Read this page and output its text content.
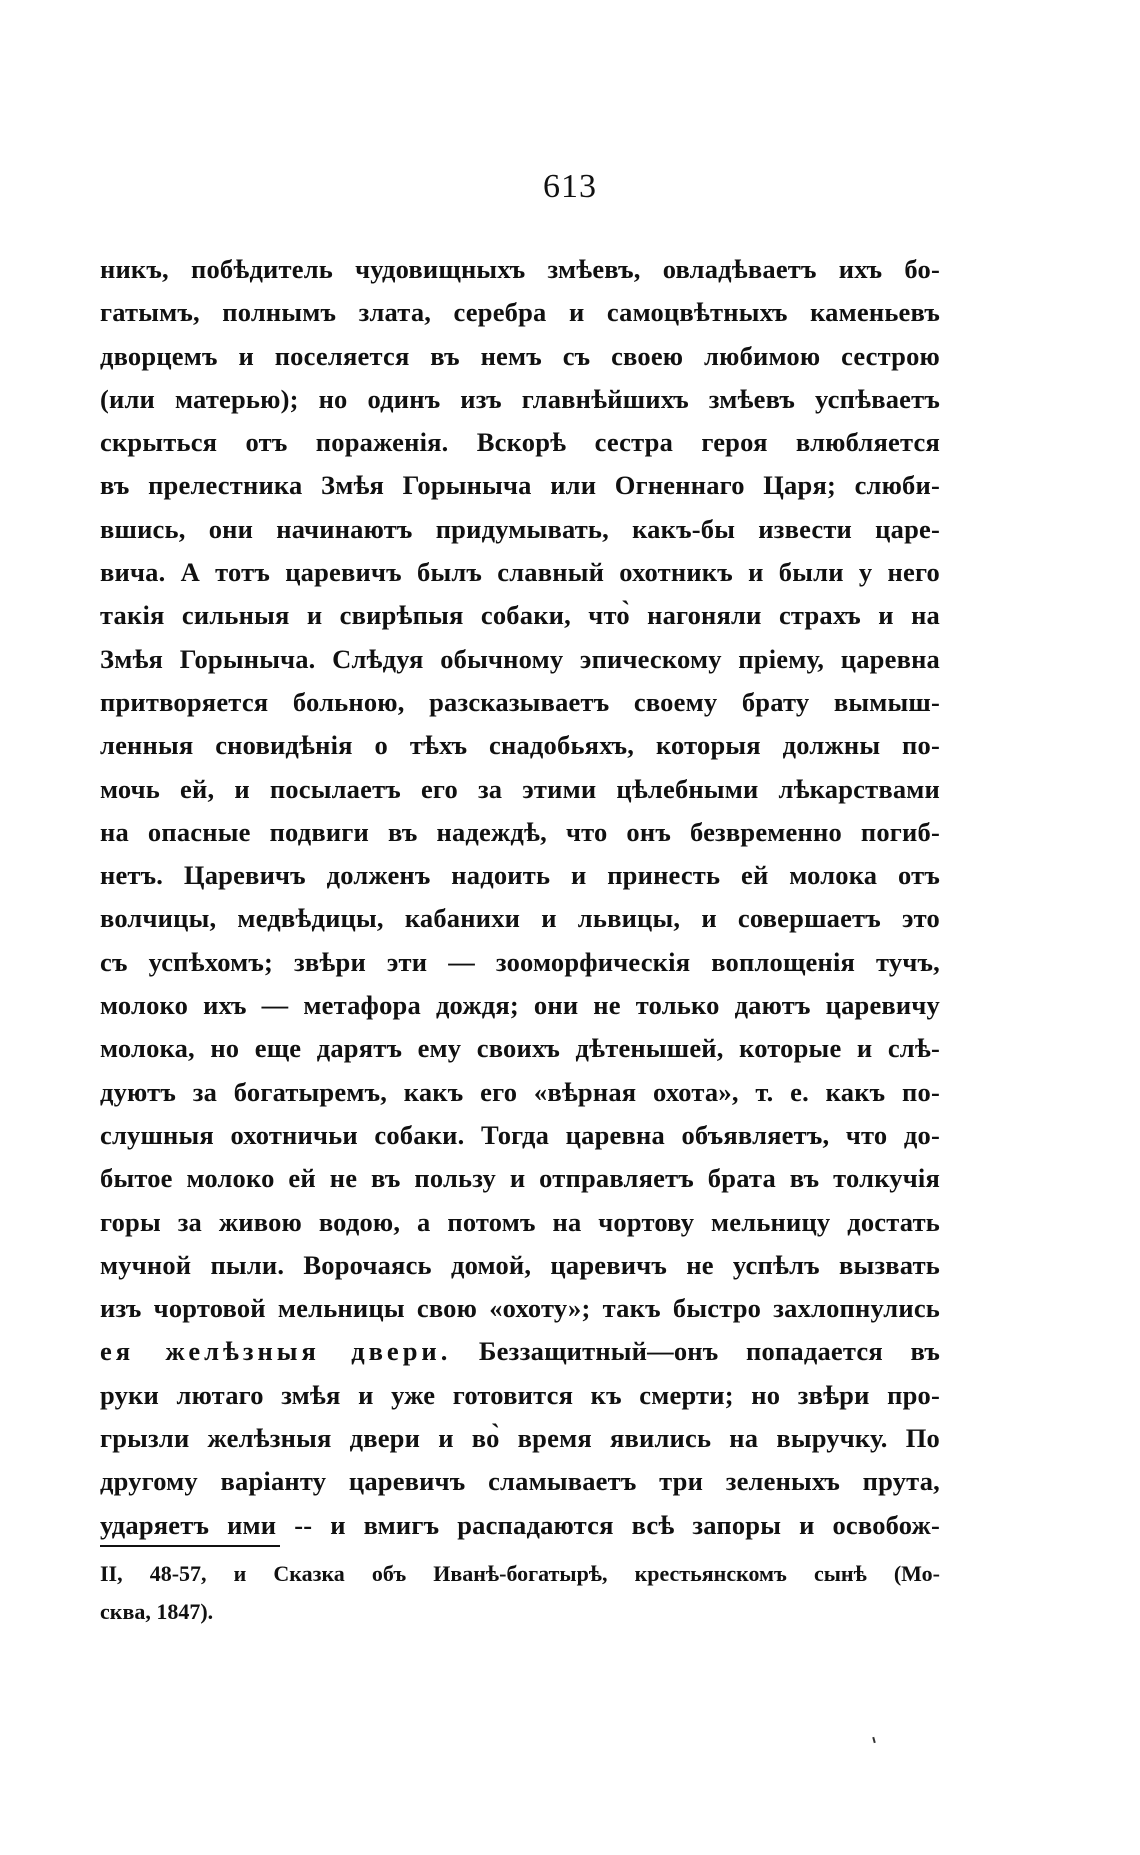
613
никъ, побѣдитель чудовищныхъ змѣевъ, овладѣваетъ ихъ бо-
гатымъ, полнымъ злата, серебра и самоцвѣтныхъ каменьевъ
дворцемъ и поселяется въ немъ съ своею любимою сестрою
(или матерью); но одинъ изъ главнѣйшихъ змѣевъ успѣваетъ
скрыться отъ пораженія. Вскорѣ сестра героя влюбляется
въ прелестника Змѣя Горыныча или Огненнаго Царя; слюби-
вшись, они начинаютъ придумывать, какъ-бы извести царе-
вича. А тотъ царевичъ былъ славный охотникъ и были у него
такія сильныя и свирѣпыя собаки, что̀ нагоняли страхъ и на
Змѣя Горыныча. Слѣдуя обычному эпическому пріему, царевна
притворяется больною, разсказываетъ своему брату вымыш-
ленныя сновидѣнія о тѣхъ снадобьяхъ, которыя должны по-
мочь ей, и посылаетъ его за этими цѣлебными лѣкарствами
на опасные подвиги въ надеждѣ, что онъ безвременно погиб-
нетъ. Царевичъ долженъ надоить и принесть ей молока отъ
волчицы, медвѣдицы, кабанихи и львицы, и совершаетъ это
съ успѣхомъ; звѣри эти — зооморфическія воплощенія тучъ,
молоко ихъ — метафора дождя; они не только даютъ царевичу
молока, но еще дарятъ ему своихъ дѣтенышей, которые и слѣ-
дуютъ за богатыремъ, какъ его «вѣрная охота», т. е. какъ по-
слушныя охотничьи собаки. Тогда царевна объявляетъ, что до-
бытое молоко ей не въ пользу и отправляетъ брата въ толкучія
горы за живою водою, а потомъ на чортову мельницу достать
мучной пыли. Ворочаясь домой, царевичъ не успѣлъ вызвать
изъ чортовой мельницы свою «охоту»; такъ быстро захлопнулись
ея желѣзныя двери. Беззащитный—онъ попадается въ
руки лютаго змѣя и уже готовится къ смерти; но звѣри про-
грызли желѣзныя двери и во̀ время явились на выручку. По
другому варіанту царевичъ сламываетъ три зеленыхъ прута,
ударяетъ ими -- и вмигъ распадаются всѣ запоры и освобож-
II, 48-57, и Сказка объ Иванѣ-богатырѣ, крестьянскомъ сынѣ (Мо-
сква, 1847).
